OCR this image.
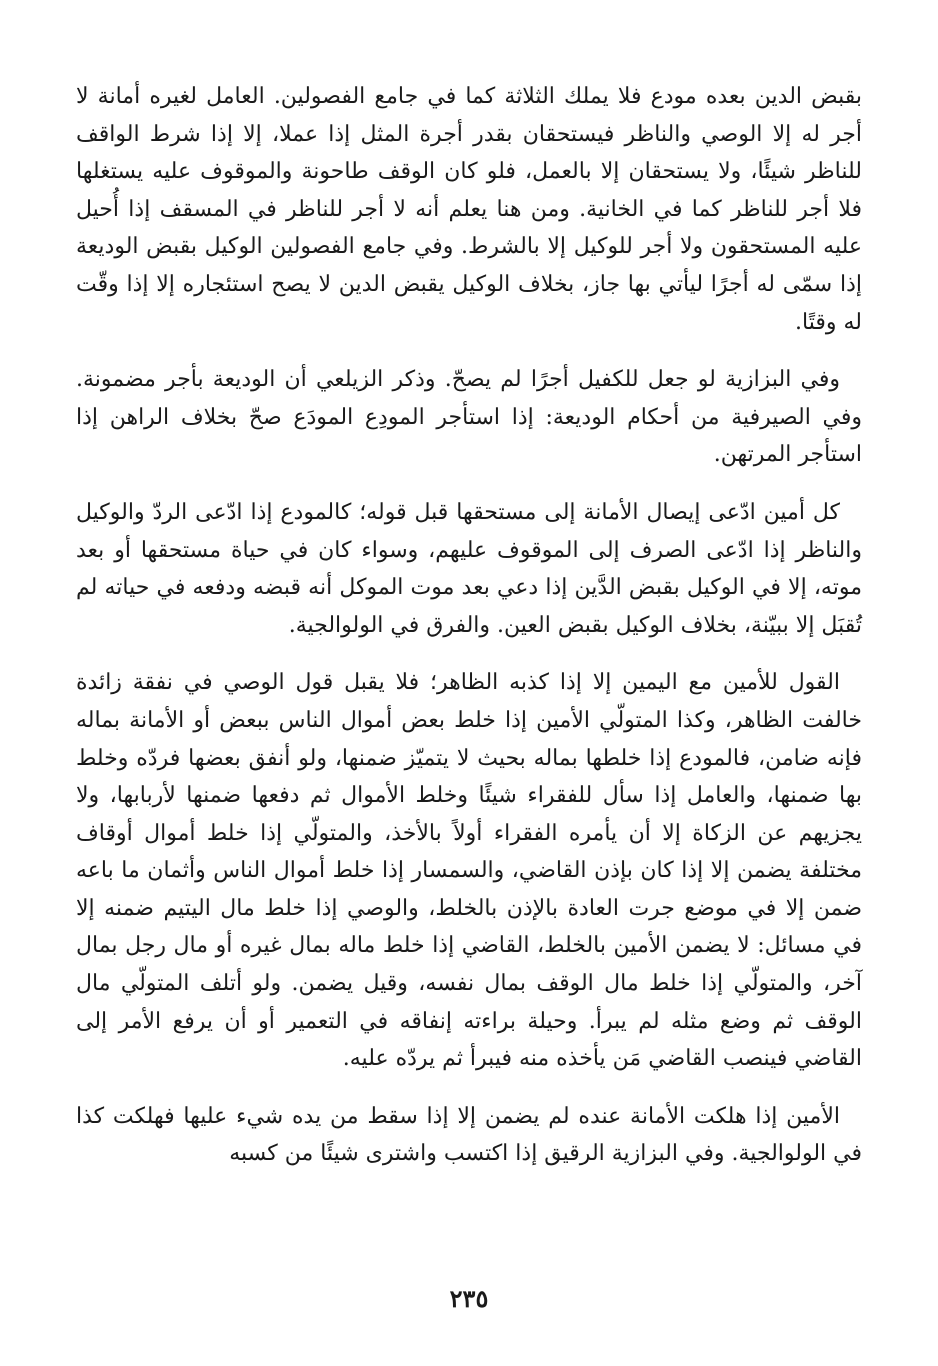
بقبض الدين بعده مودع فلا يملك الثلاثة كما في جامع الفصولين. العامل لغيره أمانة لا أجر له إلا الوصي والناظر فيستحقان بقدر أجرة المثل إذا عملا، إلا إذا شرط الواقف للناظر شيئًا، ولا يستحقان إلا بالعمل، فلو كان الوقف طاحونة والموقوف عليه يستغلها فلا أجر للناظر كما في الخانية. ومن هنا يعلم أنه لا أجر للناظر في المسقف إذا أُحيل عليه المستحقون ولا أجر للوكيل إلا بالشرط. وفي جامع الفصولين الوكيل بقبض الوديعة إذا سمّى له أجرًا ليأتي بها جاز، بخلاف الوكيل يقبض الدين لا يصح استئجاره إلا إذا وقّت له وقتًا.

وفي البزازية لو جعل للكفيل أجرًا لم يصحّ. وذكر الزيلعي أن الوديعة بأجر مضمونة. وفي الصيرفية من أحكام الوديعة: إذا استأجر المودِع المودَع صحّ بخلاف الراهن إذا استأجر المرتهن.

كل أمين ادّعى إيصال الأمانة إلى مستحقها قبل قوله؛ كالمودع إذا ادّعى الردّ والوكيل والناظر إذا ادّعى الصرف إلى الموقوف عليهم، وسواء كان في حياة مستحقها أو بعد موته، إلا في الوكيل بقبض الدَّين إذا دعي بعد موت الموكل أنه قبضه ودفعه في حياته لم تُقبَل إلا ببيّنة، بخلاف الوكيل بقبض العين. والفرق في الولوالجية.

القول للأمين مع اليمين إلا إذا كذبه الظاهر؛ فلا يقبل قول الوصي في نفقة زائدة خالفت الظاهر، وكذا المتولّي الأمين إذا خلط بعض أموال الناس ببعض أو الأمانة بماله فإنه ضامن، فالمودع إذا خلطها بماله بحيث لا يتميّز ضمنها، ولو أنفق بعضها فردّه وخلط بها ضمنها، والعامل إذا سأل للفقراء شيئًا وخلط الأموال ثم دفعها ضمنها لأربابها، ولا يجزيهم عن الزكاة إلا أن يأمره الفقراء أولاً بالأخذ، والمتولّي إذا خلط أموال أوقاف مختلفة يضمن إلا إذا كان بإذن القاضي، والسمسار إذا خلط أموال الناس وأثمان ما باعه ضمن إلا في موضع جرت العادة بالإذن بالخلط، والوصي إذا خلط مال اليتيم ضمنه إلا في مسائل: لا يضمن الأمين بالخلط، القاضي إذا خلط ماله بمال غيره أو مال رجل بمال آخر، والمتولّي إذا خلط مال الوقف بمال نفسه، وقيل يضمن. ولو أتلف المتولّي مال الوقف ثم وضع مثله لم يبرأ. وحيلة براءته إنفاقه في التعمير أو أن يرفع الأمر إلى القاضي فينصب القاضي مَن يأخذه منه فيبرأ ثم يردّه عليه.

الأمين إذا هلكت الأمانة عنده لم يضمن إلا إذا سقط من يده شيء عليها فهلكت كذا في الولوالجية. وفي البزازية الرقيق إذا اكتسب واشترى شيئًا من كسبه

٢٣٥
